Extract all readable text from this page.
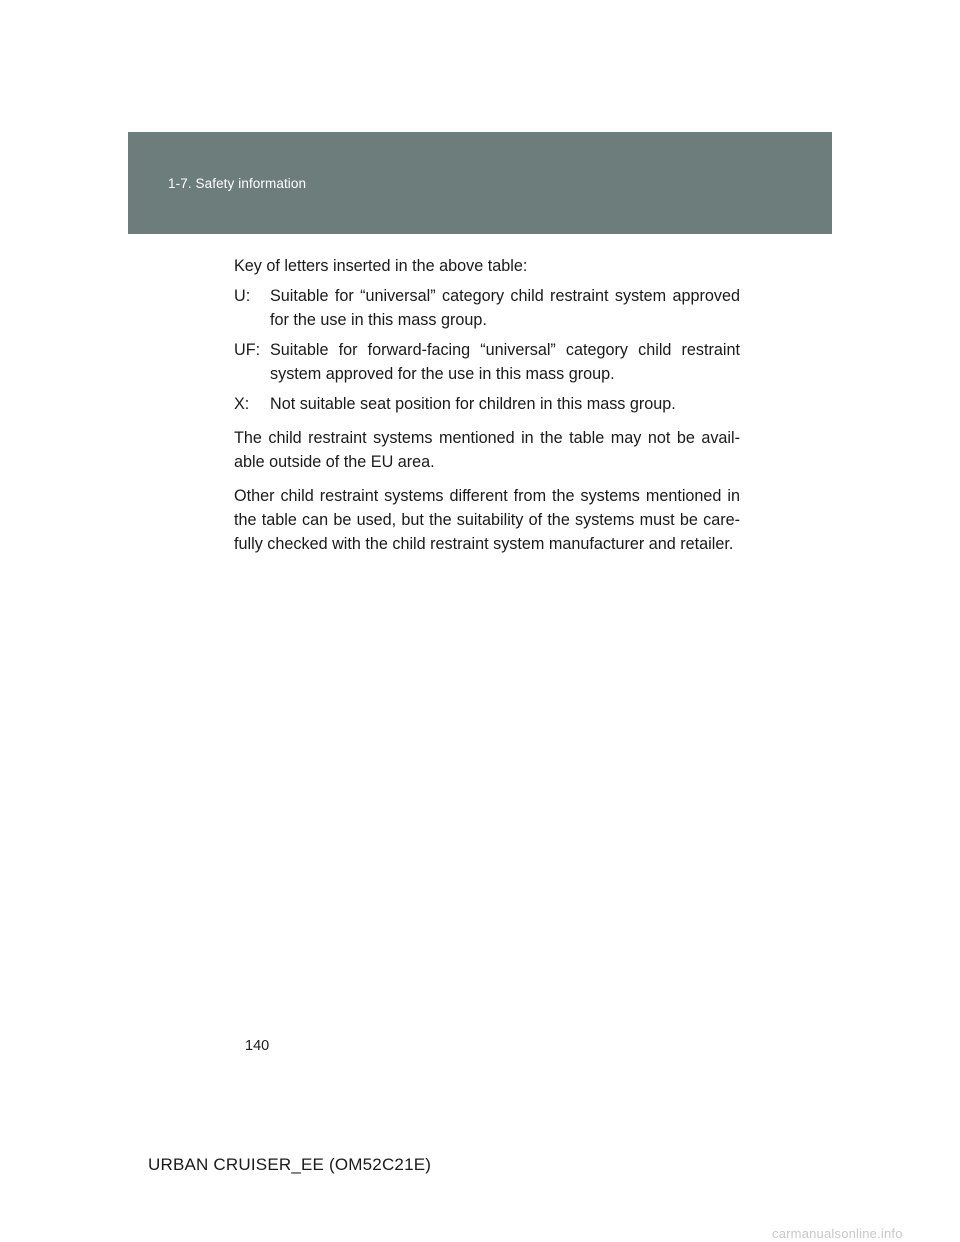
1-7. Safety information

Key of letters inserted in the above table:

U:	Suitable for “universal” category child restraint system approved for the use in this mass group.
UF: Suitable for forward-facing “universal” category child restraint system approved for the use in this mass group.
X:	Not suitable seat position for children in this mass group.

The child restraint systems mentioned in the table may not be avail-able outside of the EU area.

Other child restraint systems different from the systems mentioned in the table can be used, but the suitability of the systems must be care-fully checked with the child restraint system manufacturer and retailer.

140
URBAN CRUISER_EE (OM52C21E)
carmanualsonline.info
